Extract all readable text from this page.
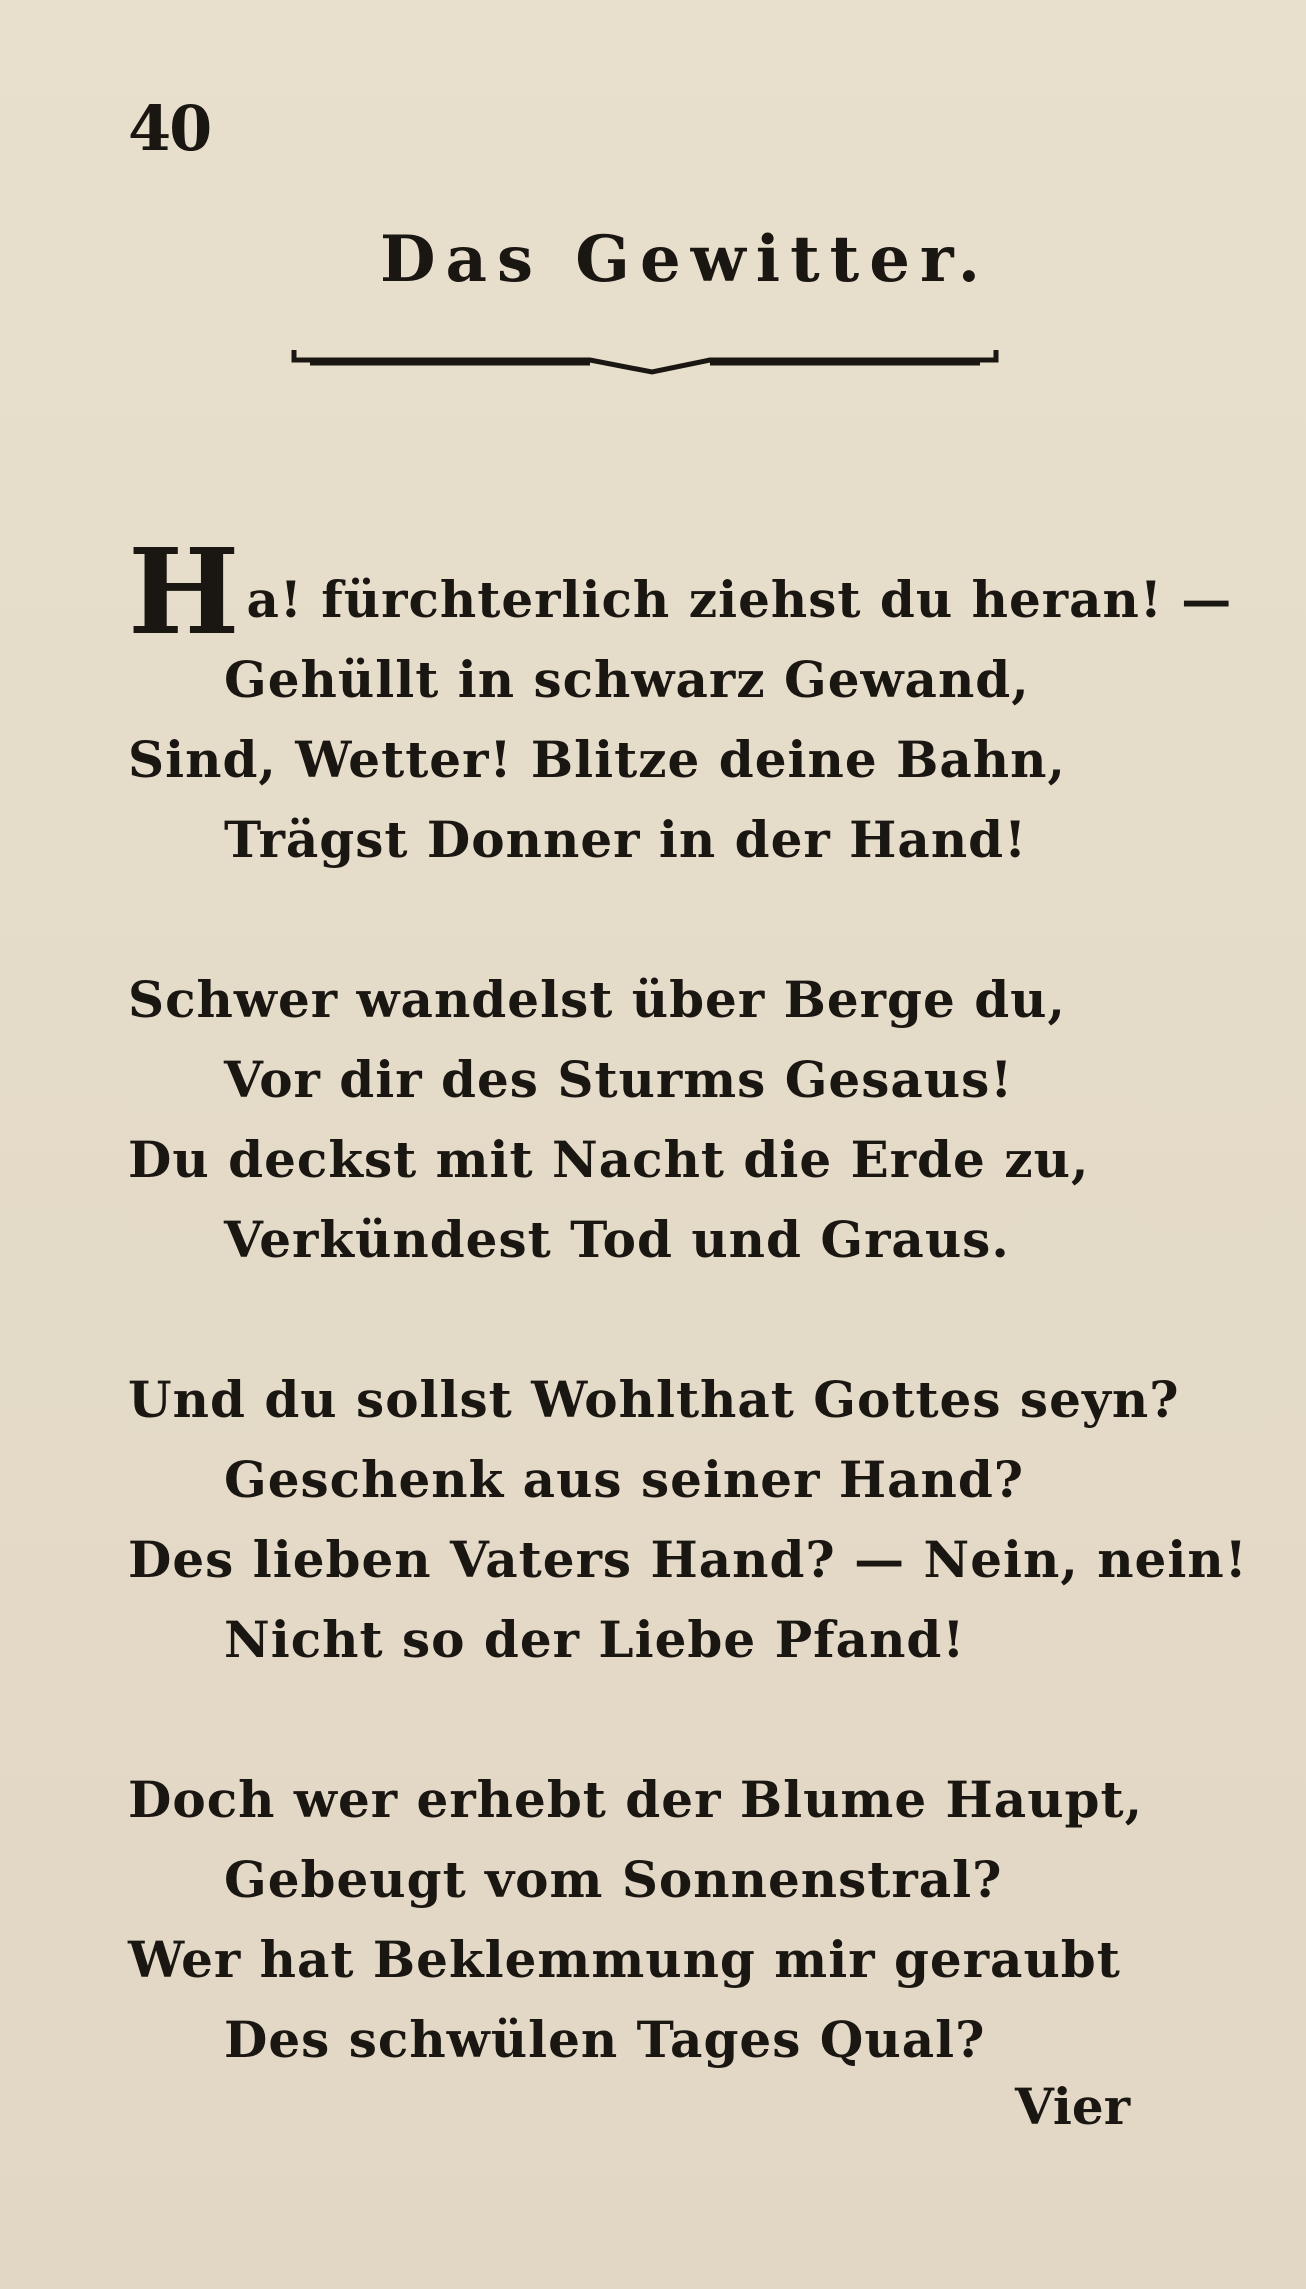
40
Das Gewitter.
Ha! fürchterlich ziehst du heran! —
Gehüllt in schwarz Gewand,
Sind, Wetter! Blitze deine Bahn,
Trägst Donner in der Hand!
Schwer wandelst über Berge du,
Vor dir des Sturms Gesaus!
Du deckst mit Nacht die Erde zu,
Verkündest Tod und Graus.
Und du sollst Wohlthat Gottes seyn?
Geschenk aus seiner Hand?
Des lieben Vaters Hand? — Nein, nein!
Nicht so der Liebe Pfand!
Doch wer erhebt der Blume Haupt,
Gebeugt vom Sonnenstral?
Wer hat Beklemmung mir geraubt
Des schwülen Tages Qual?
Vier
